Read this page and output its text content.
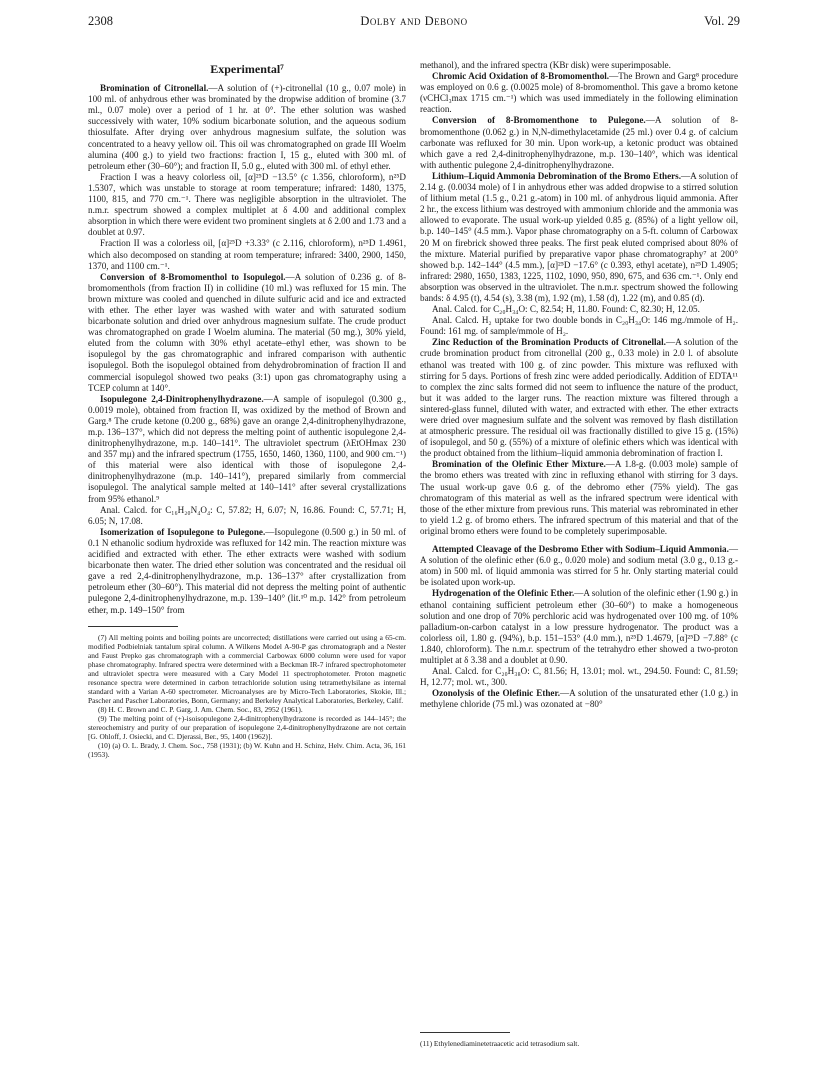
2308	Dolby and Debono	Vol. 29
Experimental⁷

Bromination of Citronellal.—A solution of (+)-citronellal (10 g., 0.07 mole) in 100 ml. of anhydrous ether was brominated by the dropwise addition of bromine (3.7 ml., 0.07 mole) over a period of 1 hr. at 0°. The ether solution was washed successively with water, 10% sodium bicarbonate solution, and the aqueous sodium thiosulfate. After drying over anhydrous magnesium sulfate, the solution was concentrated to a heavy yellow oil. This oil was chromatographed on grade III Woelm alumina (400 g.) to yield two fractions: fraction I, 15 g., eluted with 300 ml. of petroleum ether (30–60°); and fraction II, 5.0 g., eluted with 300 ml. of ethyl ether.

Fraction I was a heavy colorless oil, [α]²⁵D −13.5° (c 1.356, chloroform), n²⁵D 1.5307, which was unstable to storage at room temperature; infrared: 1480, 1375, 1100, 815, and 770 cm.⁻¹. There was negligible absorption in the ultraviolet. The n.m.r. spectrum showed a complex multiplet at δ 4.00 and additional complex absorption in which there were evident two prominent singlets at δ 2.00 and 1.73 and a doublet at 0.97.

Fraction II was a colorless oil, [α]²⁵D +3.33° (c 2.116, chloroform), n²⁵D 1.4961, which also decomposed on standing at room temperature; infrared: 3400, 2900, 1450, 1370, and 1100 cm.⁻¹.

Conversion of 8-Bromomenthol to Isopulegol.—A solution of 0.236 g. of 8-bromomenthols (from fraction II) in collidine (10 ml.) was refluxed for 15 min. The brown mixture was cooled and quenched in dilute sulfuric acid and ice and extracted with ether. The ether layer was washed with water and with saturated sodium bicarbonate solution and dried over anhydrous magnesium sulfate. The crude product was chromatographed on grade I Woelm alumina. The material (50 mg.), 30% yield, eluted from the column with 30% ethyl acetate–ethyl ether, was shown to be isopulegol by the gas chromatographic and infrared comparison with authentic isopulegol. Both the isopulegol obtained from dehydrobromination of fraction II and commercial isopulegol showed two peaks (3:1) upon gas chromatography using a TCEP column at 140°.

Isopulegone 2,4-Dinitrophenylhydrazone.—A sample of isopulegol (0.300 g., 0.0019 mole), obtained from fraction II, was oxidized by the method of Brown and Garg.⁸ The crude ketone (0.200 g., 68%) gave an orange 2,4-dinitrophenylhydrazone, m.p. 136–137°, which did not depress the melting point of authentic isopulegone 2,4-dinitrophenylhydrazone, m.p. 140–141°. The ultraviolet spectrum (λEtOHmax 230 and 357 mμ) and the infrared spectrum (1755, 1650, 1460, 1360, 1100, and 900 cm.⁻¹) of this material were also identical with those of isopulegone 2,4-dinitrophenylhydrazone (m.p. 140–141°), prepared similarly from commercial isopulegol. The analytical sample melted at 140–141° after several crystallizations from 95% ethanol.⁹

Anal. Calcd. for C₁₆H₂₀N₄O₄: C, 57.82; H, 6.07; N, 16.86. Found: C, 57.71; H, 6.05; N, 17.08.

Isomerization of Isopulegone to Pulegone.—Isopulegone (0.500 g.) in 50 ml. of 0.1 N ethanolic sodium hydroxide was refluxed for 142 min. The reaction mixture was acidified and extracted with ether. The ether extracts were washed with sodium bicarbonate then water. The dried ether solution was concentrated and the residual oil gave a red 2,4-dinitrophenylhydrazone, m.p. 136–137° after crystallization from petroleum ether (30–60°). This material did not depress the melting point of authentic pulegone 2,4-dinitrophenylhydrazone, m.p. 139–140° (lit.¹⁰ m.p. 142° from petroleum ether, m.p. 149–150° from

(7) All melting points and boiling points are uncorrected; distillations were carried out using a 65-cm. modified Podbielniak tantalum spiral column. A Wilkens Model A-90-P gas chromatograph and a Nester and Faust Prepko gas chromatograph with a commercial Carbowax 6000 column were used for vapor phase chromatography. Infrared spectra were determined with a Beckman IR-7 infrared spectrophotometer and ultraviolet spectra were measured with a Cary Model 11 spectrophotometer. Proton magnetic resonance spectra were determined in carbon tetrachloride solution using tetramethylsilane as internal standard with a Varian A-60 spectrometer. Microanalyses are by Micro-Tech Laboratories, Skokie, Ill.; Pascher and Pascher Laboratories, Bonn, Germany; and Berkeley Analytical Laboratories, Berkeley, Calif.

(8) H. C. Brown and C. P. Garg, J. Am. Chem. Soc., 83, 2952 (1961).

(9) The melting point of (+)-isoisopulegone 2,4-dinitrophenylhydrazone is recorded as 144–145°; the stereochemistry and purity of our preparation of isopulegone 2,4-dinitrophenylhydrazone are not certain [G. Ohloff, J. Osiecki, and C. Djerassi, Ber., 95, 1400 (1962)].

(10) (a) O. L. Brady, J. Chem. Soc., 758 (1931); (b) W. Kuhn and H. Schinz, Helv. Chim. Acta, 36, 161 (1953).

methanol), and the infrared spectra (KBr disk) were superimposable.

Chromic Acid Oxidation of 8-Bromomenthol.—The Brown and Garg⁸ procedure was employed on 0.6 g. (0.0025 mole) of 8-bromomenthol. This gave a bromo ketone (νCHCl₃max 1715 cm.⁻¹) which was used immediately in the following elimination reaction.

Conversion of 8-Bromomenthone to Pulegone.—A solution of 8-bromomenthone (0.062 g.) in N,N-dimethylacetamide (25 ml.) over 0.4 g. of calcium carbonate was refluxed for 30 min. Upon work-up, a ketonic product was obtained which gave a red 2,4-dinitrophenylhydrazone, m.p. 130–140°, which was identical with authentic pulegone 2,4-dinitrophenylhydrazone.

Lithium–Liquid Ammonia Debromination of the Bromo Ethers.—A solution of 2.14 g. (0.0034 mole) of I in anhydrous ether was added dropwise to a stirred solution of lithium metal (1.5 g., 0.21 g.-atom) in 100 ml. of anhydrous liquid ammonia. After 2 hr., the excess lithium was destroyed with ammonium chloride and the ammonia was allowed to evaporate. The usual work-up yielded 0.85 g. (85%) of a light yellow oil, b.p. 140–145° (4.5 mm.). Vapor phase chromatography on a 5-ft. column of Carbowax 20 M on firebrick showed three peaks. The first peak eluted comprised about 80% of the mixture. Material purified by preparative vapor phase chromatography⁷ at 200° showed b.p. 142–144° (4.5 mm.), [α]²⁵D −17.6° (c 0.393, ethyl acetate), n²⁵D 1.4905; infrared: 2980, 1650, 1383, 1225, 1102, 1090, 950, 890, 675, and 636 cm.⁻¹. Only end absorption was observed in the ultraviolet. The n.m.r. spectrum showed the following bands: δ 4.95 (t), 4.54 (s), 3.38 (m), 1.92 (m), 1.58 (d), 1.22 (m), and 0.85 (d).

Anal. Calcd. for C₂₀H₃₄O: C, 82.54; H, 11.80. Found: C, 82.30; H, 12.05.

Anal. Calcd. H₂ uptake for two double bonds in C₂₀H₃₄O: 146 mg./mmole of H₂. Found: 161 mg. of sample/mmole of H₂.

Zinc Reduction of the Bromination Products of Citronellal.—A solution of the crude bromination product from citronellal (200 g., 0.33 mole) in 2.0 l. of absolute ethanol was treated with 100 g. of zinc powder. This mixture was refluxed with stirring for 5 days. Portions of fresh zinc were added periodically. Addition of EDTA¹¹ to complex the zinc salts formed did not seem to influence the nature of the product, but it was added to the larger runs. The reaction mixture was filtered through a sintered-glass funnel, diluted with water, and extracted with ether. The ether extracts were dried over magnesium sulfate and the solvent was removed by flash distillation at atmospheric pressure. The residual oil was fractionally distilled to give 15 g. (15%) of isopulegol, and 50 g. (55%) of a mixture of olefinic ethers which was identical with the product obtained from the lithium–liquid ammonia debromination of fraction I.

Bromination of the Olefinic Ether Mixture.—A 1.8-g. (0.003 mole) sample of the bromo ethers was treated with zinc in refluxing ethanol with stirring for 3 days. The usual work-up gave 0.6 g. of the debromo ether (75% yield). The gas chromatogram of this material as well as the infrared spectrum were identical with those of the ether mixture from previous runs. This material was rebrominated in ether to yield 1.2 g. of bromo ethers. The infrared spectrum of this material and that of the original bromo ethers were found to be completely superimposable.

Attempted Cleavage of the Desbromo Ether with Sodium–Liquid Ammonia.—A solution of the olefinic ether (6.0 g., 0.020 mole) and sodium metal (3.0 g., 0.13 g.-atom) in 500 ml. of liquid ammonia was stirred for 5 hr. Only starting material could be isolated upon work-up.

Hydrogenation of the Olefinic Ether.—A solution of the olefinic ether (1.90 g.) in ethanol containing sufficient petroleum ether (30–60°) to make a homogeneous solution and one drop of 70% perchloric acid was hydrogenated over 100 mg. of 10% palladium-on-carbon catalyst in a low pressure hydrogenator. The product was a colorless oil, 1.80 g. (94%), b.p. 151–153° (4.0 mm.), n²⁵D 1.4679, [α]²⁵D −7.88° (c 1.840, chloroform). The n.m.r. spectrum of the tetrahydro ether showed a two-proton multiplet at δ 3.38 and a doublet at 0.90.

Anal. Calcd. for C₂₀H₃₈O: C, 81.56; H, 13.01; mol. wt., 294.50. Found: C, 81.59; H, 12.77; mol. wt., 300.

Ozonolysis of the Olefinic Ether.—A solution of the unsaturated ether (1.0 g.) in methylene chloride (75 ml.) was ozonated at −80°

(11) Ethylenediaminetetraacetic acid tetrasodium salt.
